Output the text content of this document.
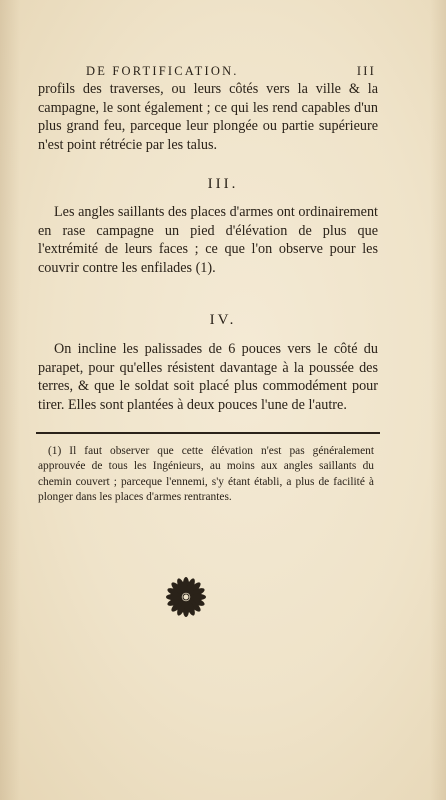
DE FORTIFICATION.	III
profils des traverses, ou leurs côtés vers la ville & la campagne, le sont également ; ce qui les rend capables d'un plus grand feu, parceque leur plongée ou partie supérieure n'est point rétrécie par les talus.
III.
Les angles saillants des places d'armes ont ordinairement en rase campagne un pied d'élévation de plus que l'extrémité de leurs faces ; ce que l'on observe pour les couvrir contre les enfilades (1).
IV.
On incline les palissades de 6 pouces vers le côté du parapet, pour qu'elles résistent davantage à la poussée des terres, & que le soldat soit placé plus commodément pour tirer. Elles sont plantées à deux pouces l'une de l'autre.
(1) Il faut observer que cette élévation n'est pas généralement approuvée de tous les Ingénieurs, au moins aux angles saillants du chemin couvert ; parceque l'ennemi, s'y étant établi, a plus de facilité à plonger dans les places d'armes rentrantes.
